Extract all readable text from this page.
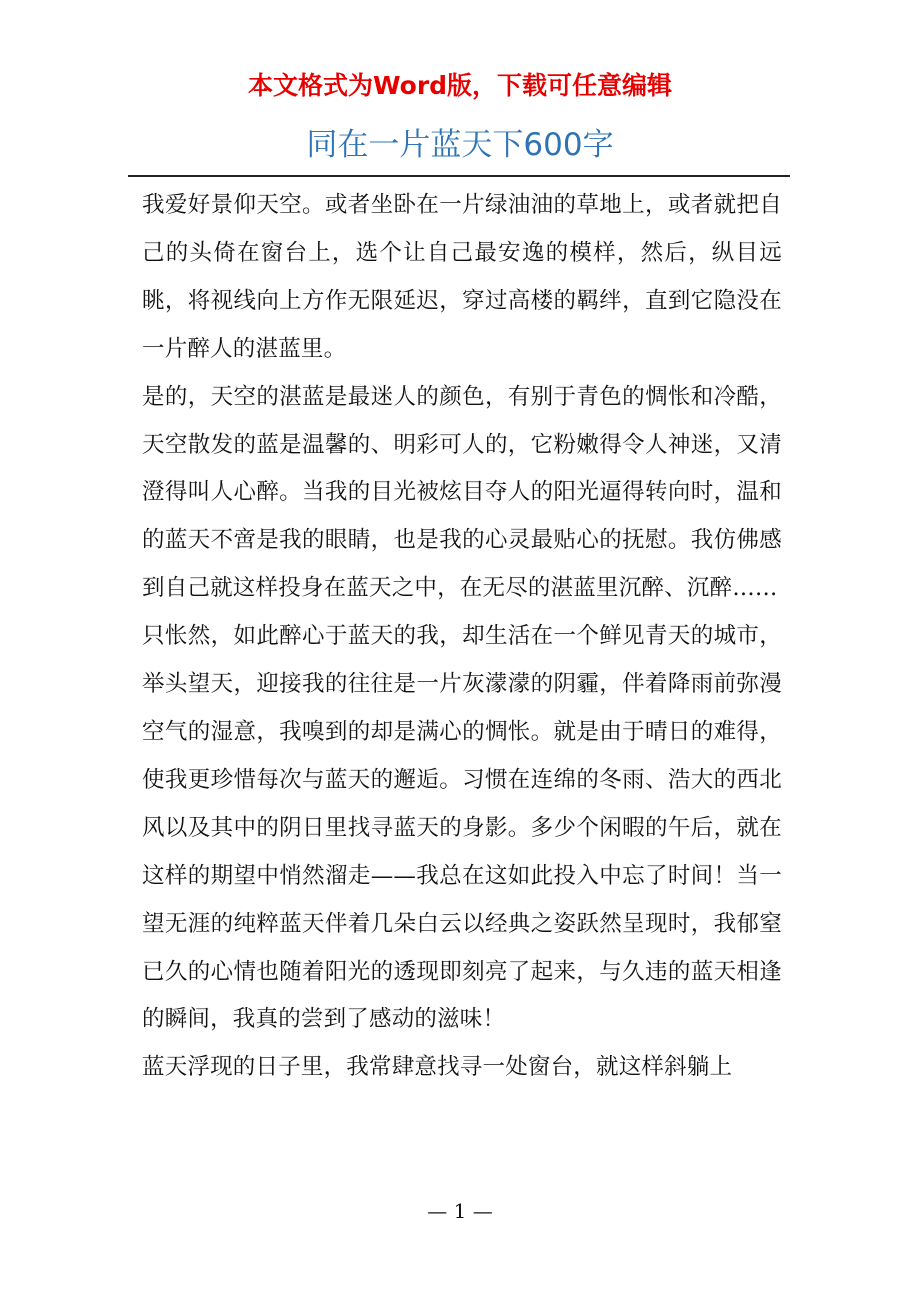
本文格式为Word版，下载可任意编辑
同在一片蓝天下600字

我爱好景仰天空。或者坐卧在一片绿油油的草地上，或者就把自己的头倚在窗台上，选个让自己最安逸的模样，然后，纵目远眺，将视线向上方作无限延迟，穿过高楼的羁绊，直到它隐没在一片醉人的湛蓝里。

是的，天空的湛蓝是最迷人的颜色，有别于青色的惆怅和冷酷，天空散发的蓝是温馨的、明彩可人的，它粉嫩得令人神迷，又清澄得叫人心醉。当我的目光被炫目夺人的阳光逼得转向时，温和的蓝天不啻是我的眼睛，也是我的心灵最贴心的抚慰。我仿佛感到自己就这样投身在蓝天之中，在无尽的湛蓝里沉醉、沉醉……

只怅然，如此醉心于蓝天的我，却生活在一个鲜见青天的城市，举头望天，迎接我的往往是一片灰濛濛的阴霾，伴着降雨前弥漫空气的湿意，我嗅到的却是满心的惆怅。就是由于晴日的难得，使我更珍惜每次与蓝天的邂逅。习惯在连绵的冬雨、浩大的西北风以及其中的阴日里找寻蓝天的身影。多少个闲暇的午后，就在这样的期望中悄然溜走——我总在这如此投入中忘了时间！当一望无涯的纯粹蓝天伴着几朵白云以经典之姿跃然呈现时，我郁窒已久的心情也随着阳光的透现即刻亮了起来，与久违的蓝天相逢的瞬间，我真的尝到了感动的滋味！

蓝天浮现的日子里，我常肆意找寻一处窗台，就这样斜躺上

— 1 —
